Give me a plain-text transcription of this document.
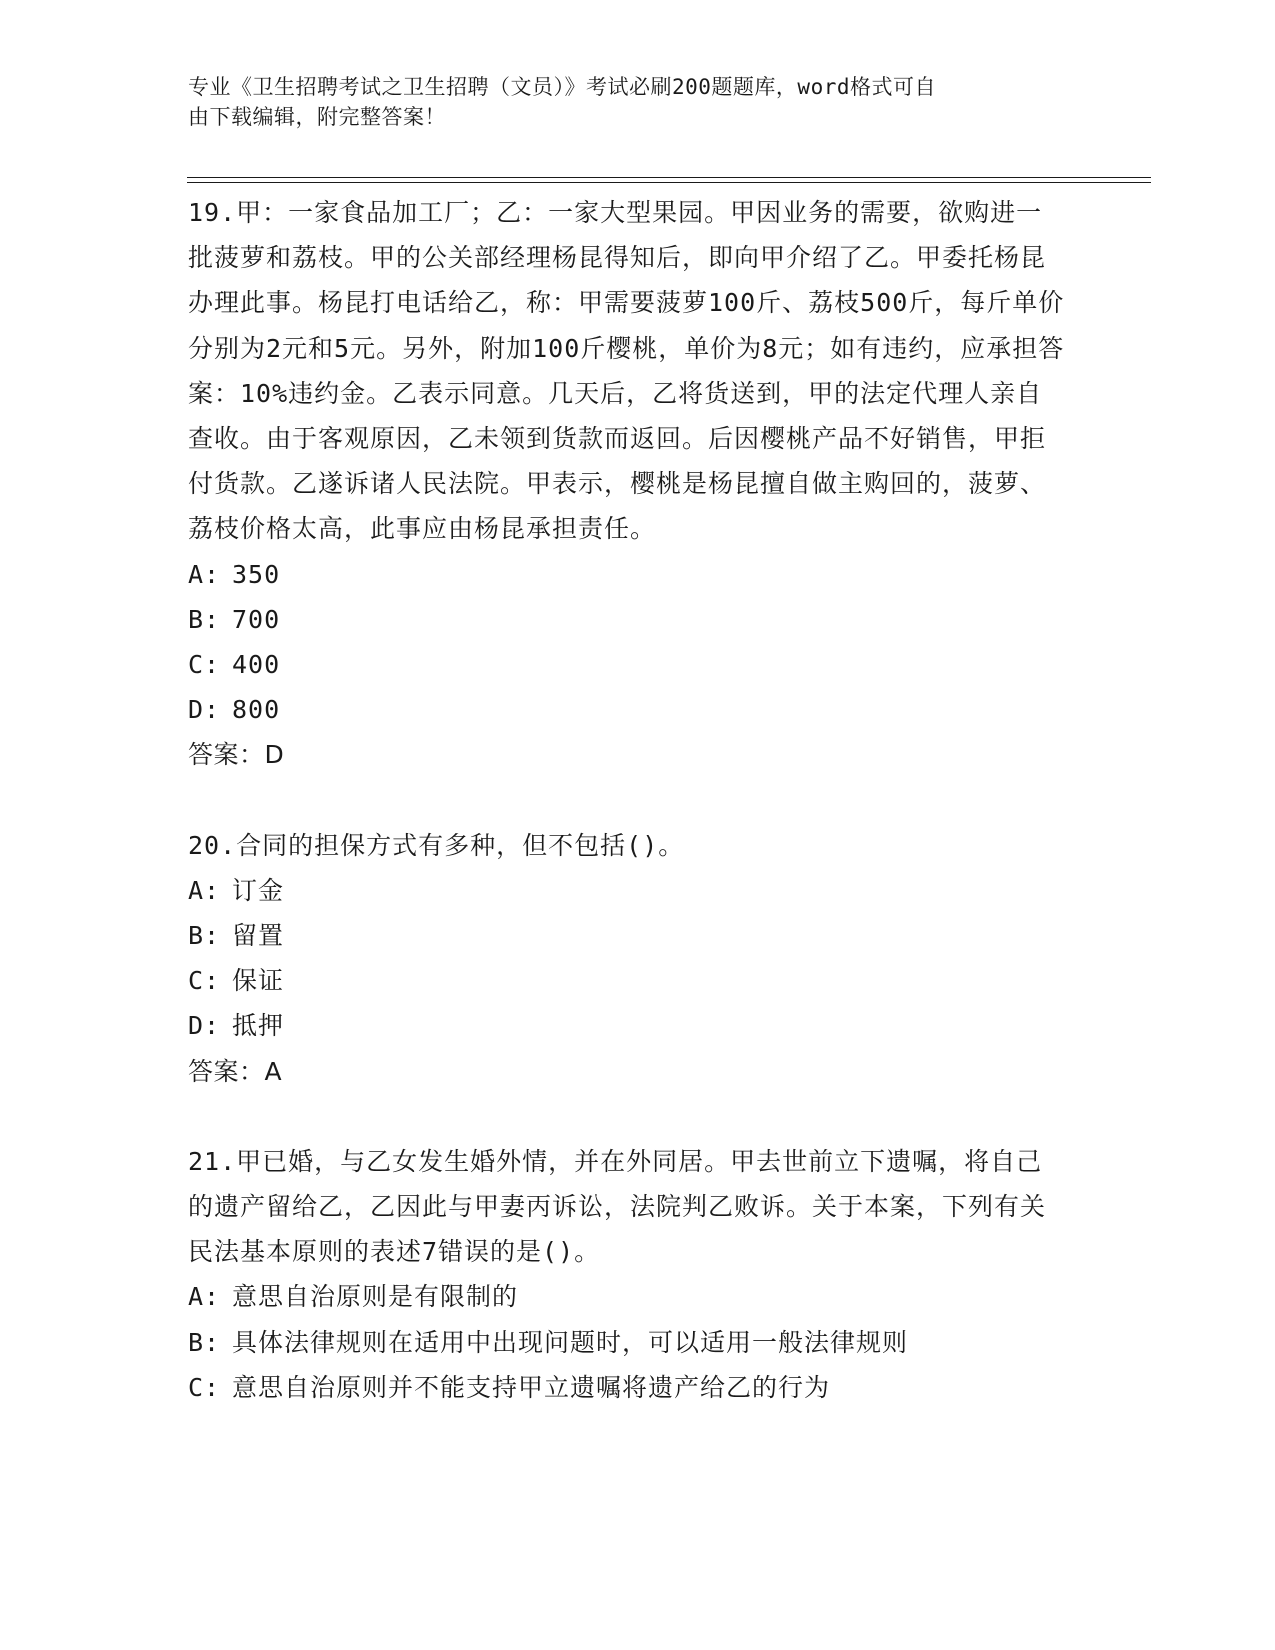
专业《卫生招聘考试之卫生招聘（文员）》考试必刷200题题库，word格式可自
由下载编辑，附完整答案！

19.甲：一家食品加工厂；乙：一家大型果园。甲因业务的需要，欲购进一批菠萝和荔枝。甲的公关部经理杨昆得知后，即向甲介绍了乙。甲委托杨昆办理此事。杨昆打电话给乙，称：甲需要菠萝100斤、荔枝500斤，每斤单价分别为2元和5元。另外，附加100斤樱桃，单价为8元；如有违约，应承担答案：10%违约金。乙表示同意。几天后，乙将货送到，甲的法定代理人亲自查收。由于客观原因，乙未领到货款而返回。后因樱桃产品不好销售，甲拒付货款。乙遂诉诸人民法院。甲表示，樱桃是杨昆擅自做主购回的，菠萝、荔枝价格太高，此事应由杨昆承担责任。

A: 350
B: 700
C: 400
D: 800

答案：D

20.合同的担保方式有多种，但不包括()。

A: 订金
B: 留置
C: 保证
D: 抵押

答案：A

21.甲已婚，与乙女发生婚外情，并在外同居。甲去世前立下遗嘱，将自己的遗产留给乙，乙因此与甲妻丙诉讼，法院判乙败诉。关于本案，下列有关民法基本原则的表述7错误的是()。

A: 意思自治原则是有限制的
B: 具体法律规则在适用中出现问题时，可以适用一般法律规则
C: 意思自治原则并不能支持甲立遗嘱将遗产给乙的行为
